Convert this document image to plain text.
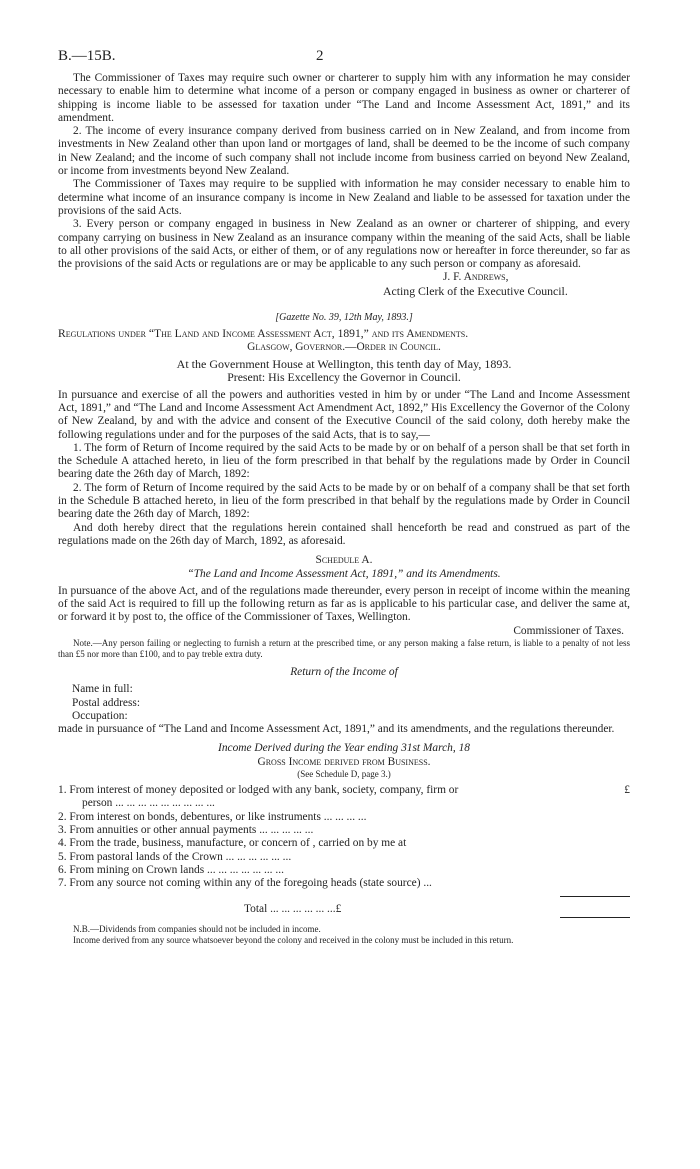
B.—15B.	2

The Commissioner of Taxes may require such owner or charterer to supply him with any information he may consider necessary to enable him to determine what income of a person or company engaged in business as owner or charterer of shipping is income liable to be assessed for taxation under “The Land and Income Assessment Act, 1891,” and its amendment.

2. The income of every insurance company derived from business carried on in New Zealand, and from income from investments in New Zealand other than upon land or mortgages of land, shall be deemed to be the income of such company in New Zealand; and the income of such company shall not include income from business carried on beyond New Zealand, or income from investments beyond New Zealand.

The Commissioner of Taxes may require to be supplied with information he may consider necessary to enable him to determine what income of an insurance company is income in New Zealand and liable to be assessed for taxation under the provisions of the said Acts.

3. Every person or company engaged in business in New Zealand as an owner or charterer of shipping, and every company carrying on business in New Zealand as an insurance company within the meaning of the said Acts, shall be liable to all other provisions of the said Acts, or either of them, or of any regulations now or hereafter in force thereunder, so far as the provisions of the said Acts or regulations are or may be applicable to any such person or company as aforesaid.

J. F. Andrews,
Acting Clerk of the Executive Council.
[Gazette No. 39, 12th May, 1893.]

Regulations under “The Land and Income Assessment Act, 1891,” and its Amendments.

Glasgow, Governor.—Order in Council.

At the Government House at Wellington, this tenth day of May, 1893.

Present: His Excellency the Governor in Council.

In pursuance and exercise of all the powers and authorities vested in him by or under “The Land and Income Assessment Act, 1891,” and “The Land and Income Assessment Act Amendment Act, 1892,” His Excellency the Governor of the Colony of New Zealand, by and with the advice and consent of the Executive Council of the said colony, doth hereby make the following regulations under and for the purposes of the said Acts, that is to say,—

1. The form of Return of Income required by the said Acts to be made by or on behalf of a person shall be that set forth in the Schedule A attached hereto, in lieu of the form prescribed in that behalf by the regulations made by Order in Council bearing date the 26th day of March, 1892:

2. The form of Return of Income required by the said Acts to be made by or on behalf of a company shall be that set forth in the Schedule B attached hereto, in lieu of the form prescribed in that behalf by the regulations made by Order in Council bearing date the 26th day of March, 1892:

And doth hereby direct that the regulations herein contained shall henceforth be read and construed as part of the regulations made on the 26th day of March, 1892, as aforesaid.

Schedule A.

“The Land and Income Assessment Act, 1891,” and its Amendments.

In pursuance of the above Act, and of the regulations made thereunder, every person in receipt of income within the meaning of the said Act is required to fill up the following return as far as is applicable to his particular case, and deliver the same at, or forward it by post to, the office of the Commissioner of Taxes, Wellington.

Commissioner of Taxes.

Note.—Any person failing or neglecting to furnish a return at the prescribed time, or any person making a false return, is liable to a penalty of not less than £5 nor more than £100, and to pay treble extra duty.

Return of the Income of

Name in full:
Postal address:
Occupation:

made in pursuance of “The Land and Income Assessment Act, 1891,” and its amendments, and the regulations thereunder.

Income Derived during the Year ending 31st March, 18

Gross Income derived from Business.

(See Schedule D, page 3.)

1. From interest of money deposited or lodged with any bank, society, company, firm or	£
person ... ... ... ... ... ... ... ... ...
2. From interest on bonds, debentures, or like instruments ... ... ... ...
3. From annuities or other annual payments ... ... ... ... ...
4. From the trade, business, manufacture, or concern of , carried on by me at
5. From pastoral lands of the Crown ... ... ... ... ... ...
6. From mining on Crown lands ... ... ... ... ... ... ...
7. From any source not coming within any of the foregoing heads (state source) ...
Total ... ... ... ... ... ...£
N.B.—Dividends from companies should not be included in income.
Income derived from any source whatsoever beyond the colony and received in the colony must be included in this return.
